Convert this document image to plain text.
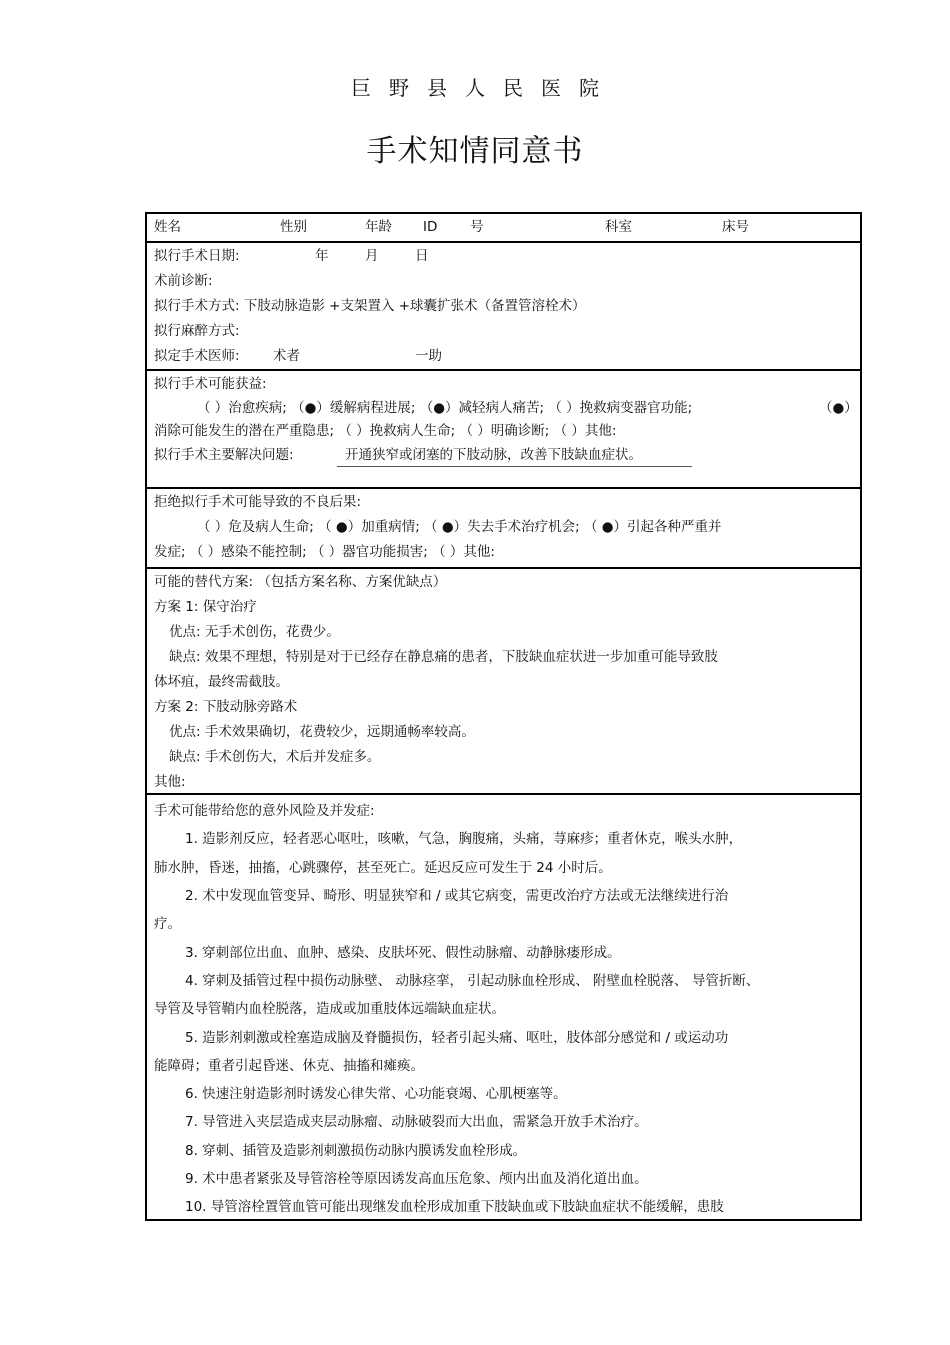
巨野县人民医院
手术知情同意书
姓名	性别	年龄 ID 号	科室	床号
拟行手术日期:	年	月	日
术前诊断:
拟行手术方式: 下肢动脉造影 +支架置入 +球囊扩张术（备置管溶栓术）
拟行麻醉方式:
拟定手术医师: 术者	一助
拟行手术可能获益:
（ ）治愈疾病; （●）缓解病程进展; （●）减轻病人痛苦; （ ）挽救病变器官功能;	（●）
消除可能发生的潜在严重隐患; （ ）挽救病人生命; （ ）明确诊断; （ ）其他:
拟行手术主要解决问题:	开通狭窄或闭塞的下肢动脉，改善下肢缺血症状。
拒绝拟行手术可能导致的不良后果:
（ ）危及病人生命; （ ●）加重病情; （ ●）失去手术治疗机会; （ ●）引起各种严重并
发症; （ ）感染不能控制; （ ）器官功能损害; （ ）其他:
可能的替代方案: （包括方案名称、方案优缺点）
方案 1: 保守治疗
优点: 无手术创伤，花费少。
缺点: 效果不理想，特别是对于已经存在静息痛的患者，下肢缺血症状进一步加重可能导致肢
体坏疽，最终需截肢。
方案 2: 下肢动脉旁路术
优点: 手术效果确切，花费较少，远期通畅率较高。
缺点: 手术创伤大，术后并发症多。
其他:
手术可能带给您的意外风险及并发症:
1. 造影剂反应，轻者恶心呕吐，咳嗽，气急，胸腹痛，头痛，荨麻疹；重者休克，喉头水肿，
肺水肿，昏迷，抽搐，心跳骤停，甚至死亡。延迟反应可发生于 24 小时后。
2. 术中发现血管变异、畸形、明显狭窄和 / 或其它病变，需更改治疗方法或无法继续进行治
疗。
3. 穿刺部位出血、血肿、感染、皮肤坏死、假性动脉瘤、动静脉瘘形成。
4. 穿刺及插管过程中损伤动脉壁、 动脉痉挛， 引起动脉血栓形成、 附壁血栓脱落、 导管折断、
导管及导管鞘内血栓脱落，造成或加重肢体远端缺血症状。
5. 造影剂刺激或栓塞造成脑及脊髓损伤，轻者引起头痛、呕吐，肢体部分感觉和 / 或运动功
能障碍；重者引起昏迷、休克、抽搐和瘫痪。
6. 快速注射造影剂时诱发心律失常、心功能衰竭、心肌梗塞等。
7. 导管进入夹层造成夹层动脉瘤、动脉破裂而大出血，需紧急开放手术治疗。
8. 穿刺、插管及造影剂刺激损伤动脉内膜诱发血栓形成。
9. 术中患者紧张及导管溶栓等原因诱发高血压危象、颅内出血及消化道出血。
10. 导管溶栓置管血管可能出现继发血栓形成加重下肢缺血或下肢缺血症状不能缓解，患肢
